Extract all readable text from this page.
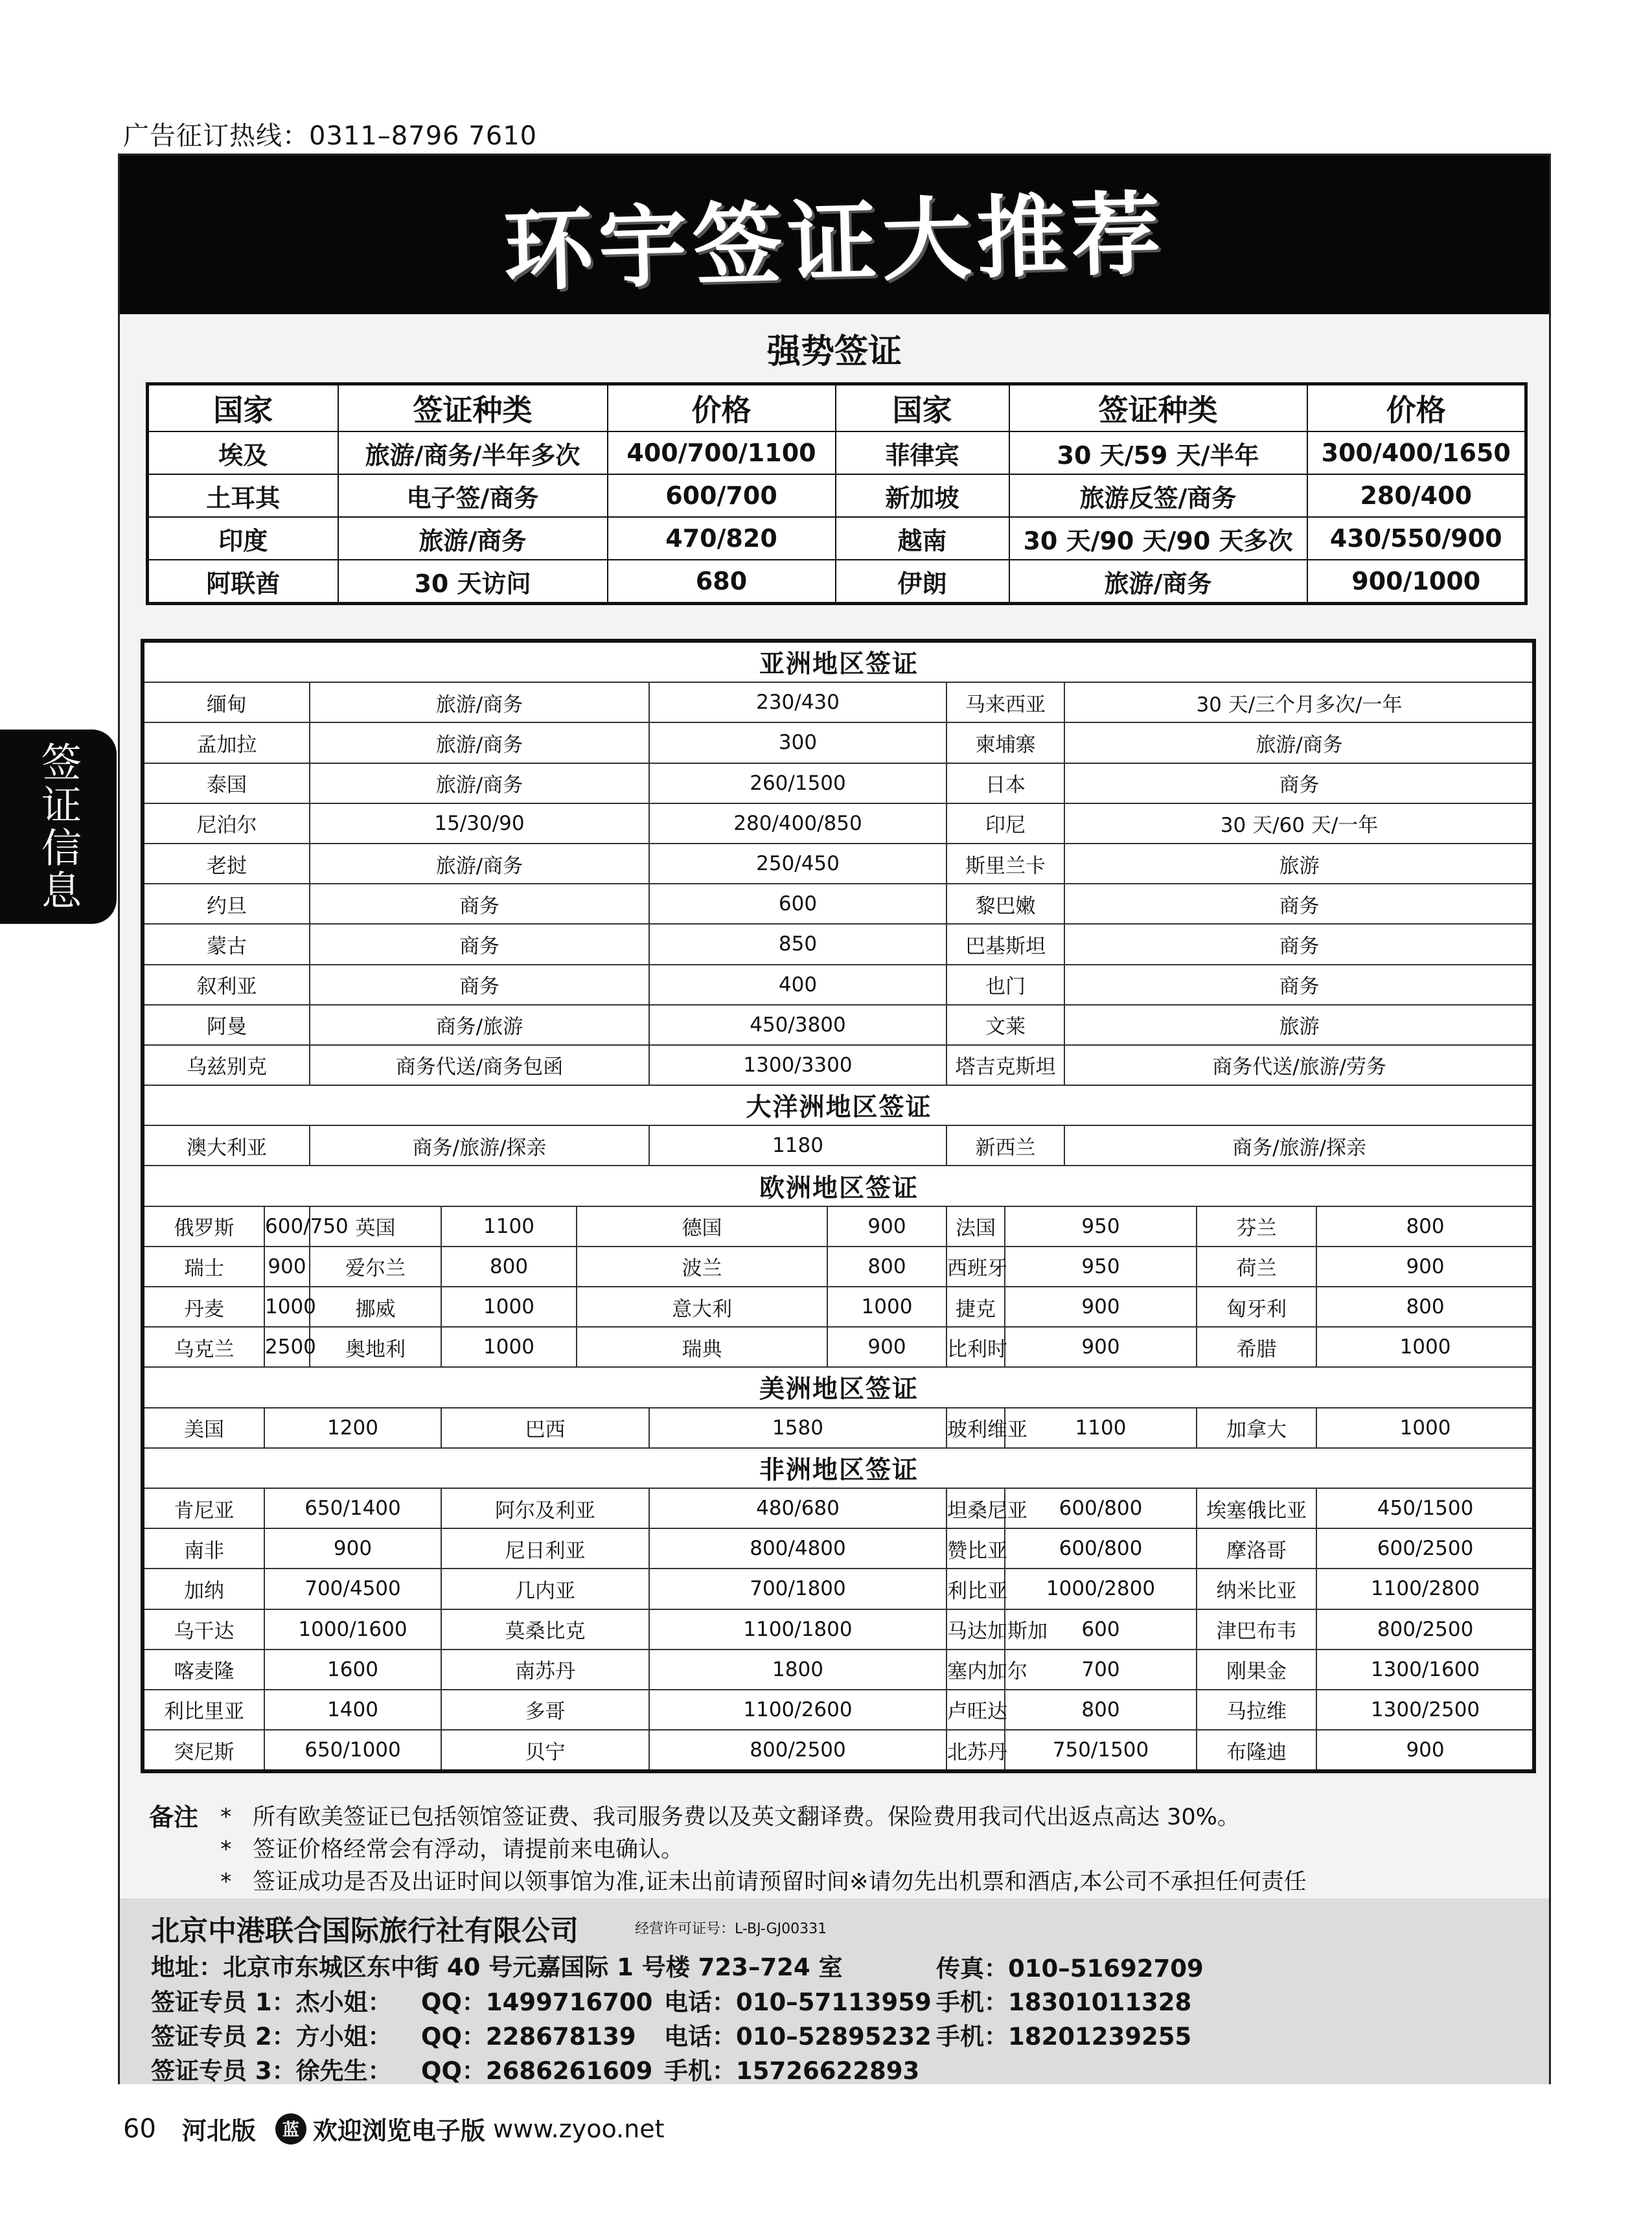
广告征订热线：0311–8796 7610
环宇签证大推荐
强势签证
国家	签证种类	价格	国家	签证种类	价格
埃及	旅游/商务/半年多次	400/700/1100	菲律宾	30 天/59 天/半年	300/400/1650
土耳其	电子签/商务	600/700	新加坡	旅游反签/商务	280/400
印度	旅游/商务	470/820	越南	30 天/90 天/90 天多次	430/550/900
阿联酋	30 天访问	680	伊朗	旅游/商务	900/1000
亚洲地区签证												
缅甸		旅游/商务			230/430		马来西亚		30 天/三个月多次/一年	
孟加拉		旅游/商务			300		柬埔寨		旅游/商务	
泰国		旅游/商务			260/1500		日本		商务	
尼泊尔		15/30/90			280/400/850		印尼		30 天/60 天/一年	
老挝		旅游/商务			250/450		斯里兰卡		旅游	
约旦		商务			600		黎巴嫩		商务	
蒙古		商务			850		巴基斯坦		商务	
叙利亚		商务			400		也门		商务	
阿曼		商务/旅游			450/3800		文莱		旅游	
乌兹别克		商务代送/商务包函			1300/3300		塔吉克斯坦		商务代送/旅游/劳务	
大洋洲地区签证												
澳大利亚		商务/旅游/探亲			1180		新西兰		商务/旅游/探亲	
欧洲地区签证												
俄罗斯	600/750	英国	1100	德国		900	法国	950		芬兰	800	
瑞士	900	爱尔兰	800	波兰		800	西班牙	950		荷兰	900	
丹麦	1000	挪威	1000	意大利		1000	捷克	900		匈牙利	800	
乌克兰	2500	奥地利	1000	瑞典		900	比利时	900		希腊	1000	
美洲地区签证												
美国	1200		巴西		1580		玻利维亚	1100		加拿大	1000	
非洲地区签证												
肯尼亚	650/1400		阿尔及利亚		480/680		坦桑尼亚	600/800		埃塞俄比亚	450/1500	
南非	900		尼日利亚		800/4800		赞比亚	600/800		摩洛哥	600/2500	
加纳	700/4500		几内亚		700/1800		利比亚	1000/2800		纳米比亚	1100/2800	
乌干达	1000/1600		莫桑比克		1100/1800		马达加斯加	600		津巴布韦	800/2500	
喀麦隆	1600		南苏丹		1800		塞内加尔	700		刚果金	1300/1600	
利比里亚	1400		多哥		1100/2600		卢旺达	800		马拉维	1300/2500	
突尼斯	650/1000		贝宁		800/2500		北苏丹	750/1500		布隆迪	900	
备注 * 所有欧美签证已包括领馆签证费、我司服务费以及英文翻译费。保险费用我司代出返点高达 30%。
* 签证价格经常会有浮动，请提前来电确认。
* 签证成功是否及出证时间以领事馆为准,证未出前请预留时间※请勿先出机票和酒店,本公司不承担任何责任
北京中港联合国际旅行社有限公司	经营许可证号：L-BJ-GJ00331
地址：北京市东城区东中街 40 号元嘉国际 1 号楼 723–724 室	传真：010–51692709
签证专员 1：杰小姐： QQ：1499716700 电话：010–57113959 手机：18301011328
签证专员 2：方小姐： QQ：228678139 电话：010–52895232 手机：18201239255
签证专员 3：徐先生： QQ：2686261609 手机：15726622893
签证信息
60 河北版	蓝 欢迎浏览电子版 www.zyoo.net
